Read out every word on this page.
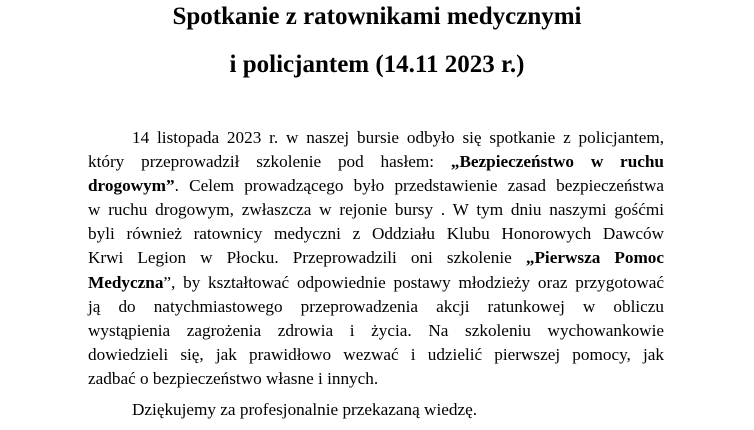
Spotkanie z ratownikami medycznymi
i policjantem (14.11 2023 r.)
14 listopada 2023 r. w naszej bursie odbyło się spotkanie z policjantem,
który przeprowadził szkolenie pod hasłem: „Bezpieczeństwo w ruchu
drogowym”. Celem prowadzącego było przedstawienie zasad bezpieczeństwa
w ruchu drogowym, zwłaszcza w rejonie bursy . W tym dniu naszymi gośćmi
byli również ratownicy medyczni z Oddziału Klubu Honorowych Dawców
Krwi Legion w Płocku. Przeprowadzili oni szkolenie „Pierwsza Pomoc
Medyczna”, by kształtować odpowiednie postawy młodzieży oraz przygotować
ją do natychmiastowego przeprowadzenia akcji ratunkowej w obliczu
wystąpienia zagrożenia zdrowia i życia. Na szkoleniu wychowankowie
dowiedzieli się, jak prawidłowo wezwać i udzielić pierwszej pomocy, jak
zadbać o bezpieczeństwo własne i innych.

Dziękujemy za profesjonalnie przekazaną wiedzę.
